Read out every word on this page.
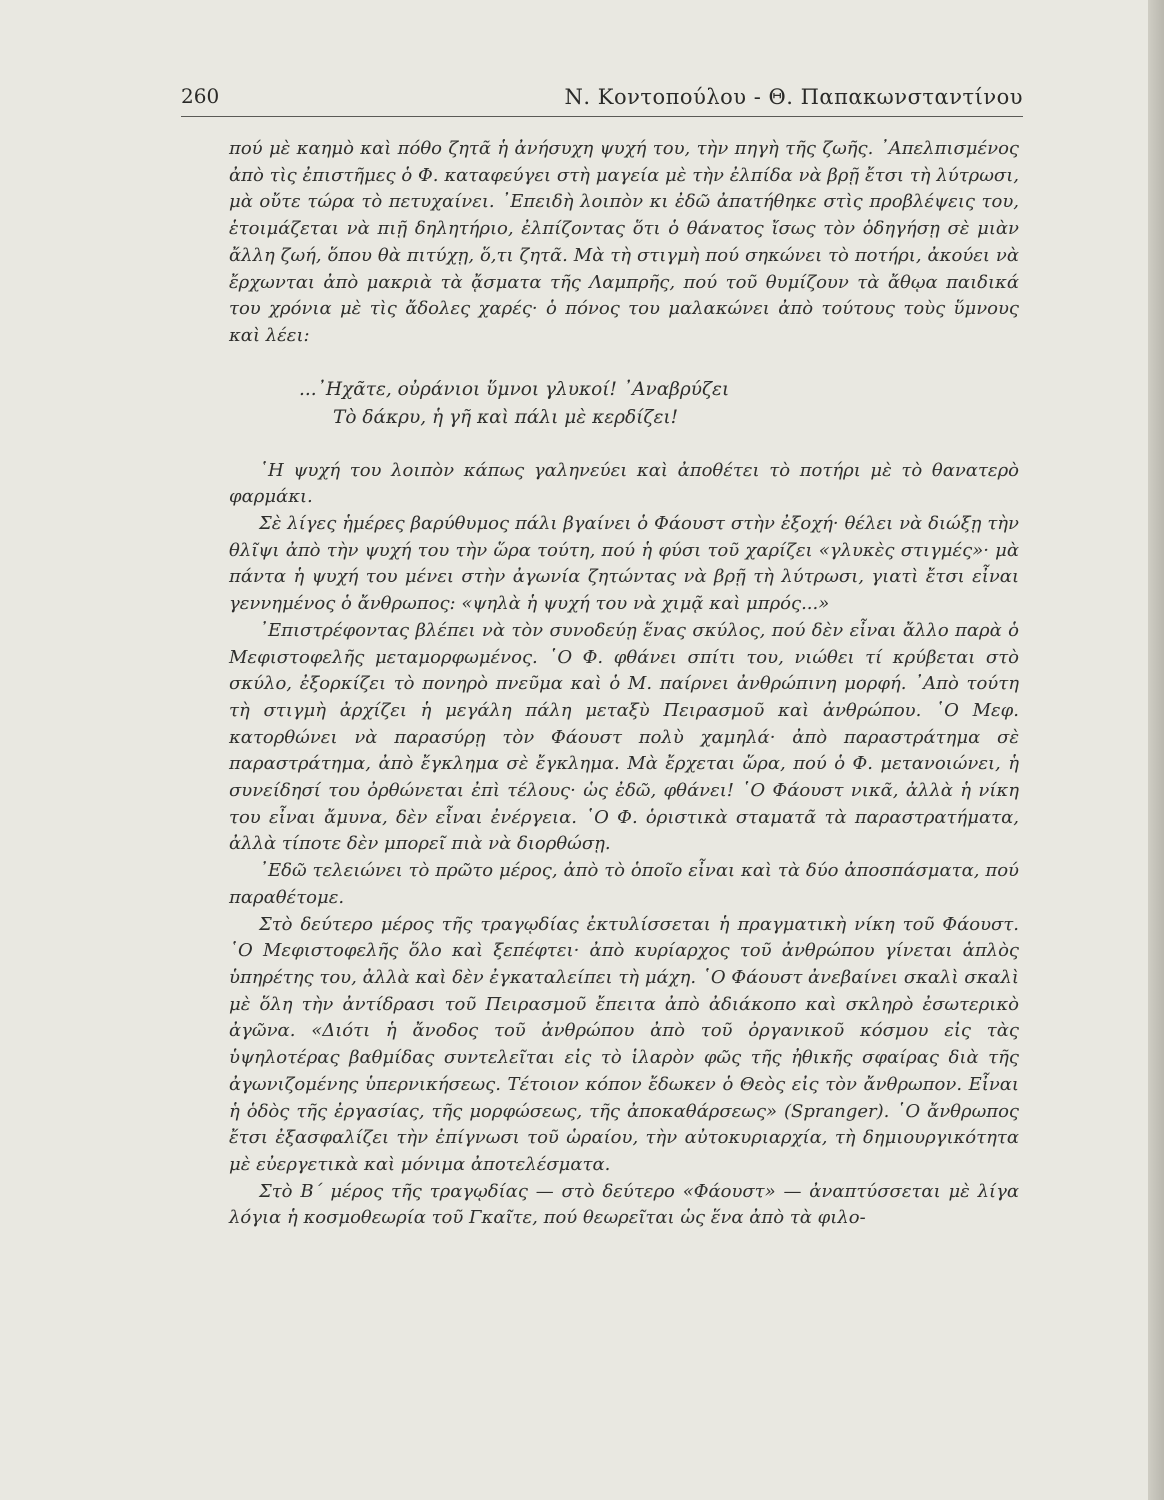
260	Ν. Κοντοπούλου - Θ. Παπακωνσταντίνου

πού μὲ καημὸ καὶ πόθο ζητᾶ ἡ ἀνήσυχη ψυχή του, τὴν πηγὴ τῆς ζωῆς. ᾿Απελπισμένος ἀπὸ τὶς ἐπιστῆμες ὁ Φ. καταφεύγει στὴ μαγεία μὲ τὴν ἐλπίδα νὰ βρῇ ἔτσι τὴ λύτρωσι, μὰ οὔτε τώρα τὸ πετυχαίνει. ᾿Επειδὴ λοιπὸν κι ἐδῶ ἀπατήθηκε στὶς προβλέψεις του, ἑτοιμάζεται νὰ πιῇ δηλητήριο, ἐλπίζοντας ὅτι ὁ θάνατος ἴσως τὸν ὁδηγήσῃ σὲ μιὰν ἄλλη ζωή, ὅπου θὰ πιτύχῃ, ὅ,τι ζητᾶ. Μὰ τὴ στιγμὴ πού σηκώνει τὸ ποτήρι, ἀκούει νὰ ἔρχωνται ἀπὸ μακριὰ τὰ ᾄσματα τῆς Λαμπρῆς, πού τοῦ θυμίζουν τὰ ἄθῳα παιδικά του χρόνια μὲ τὶς ἄδολες χαρές· ὁ πόνος του μαλακώνει ἀπὸ τούτους τοὺς ὕμνους καὶ λέει:

...᾿Ηχᾶτε, οὐράνιοι ὕμνοι γλυκοί! ᾿Αναβρύζει
Τὸ δάκρυ, ἡ γῆ καὶ πάλι μὲ κερδίζει!

῾Η ψυχή του λοιπὸν κάπως γαληνεύει καὶ ἀποθέτει τὸ ποτήρι μὲ τὸ θανατερὸ φαρμάκι.

Σὲ λίγες ἡμέρες βαρύθυμος πάλι βγαίνει ὁ Φάουστ στὴν ἐξοχή· θέλει νὰ διώξῃ τὴν θλῖψι ἀπὸ τὴν ψυχή του τὴν ὥρα τούτη, πού ἡ φύσι τοῦ χαρίζει «γλυκὲς στιγμές»· μὰ πάντα ἡ ψυχή του μένει στὴν ἀγωνία ζητώντας νὰ βρῇ τὴ λύτρωσι, γιατὶ ἔτσι εἶναι γεννημένος ὁ ἄνθρωπος: «ψηλὰ ἡ ψυχή του νὰ χιμᾷ καὶ μπρός...»

᾿Επιστρέφοντας βλέπει νὰ τὸν συνοδεύῃ ἕνας σκύλος, πού δὲν εἶναι ἄλλο παρὰ ὁ Μεφιστοφελῆς μεταμορφωμένος. ῾Ο Φ. φθάνει σπίτι του, νιώθει τί κρύβεται στὸ σκύλο, ἐξορκίζει τὸ πονηρὸ πνεῦμα καὶ ὁ Μ. παίρνει ἀνθρώπινη μορφή. ᾿Απὸ τούτη τὴ στιγμὴ ἀρχίζει ἡ μεγάλη πάλη μεταξὺ Πειρασμοῦ καὶ ἀνθρώπου. ῾Ο Μεφ. κατορθώνει νὰ παρασύρῃ τὸν Φάουστ πολὺ χαμηλά· ἀπὸ παραστράτημα σὲ παραστράτημα, ἀπὸ ἔγκλημα σὲ ἔγκλημα. Μὰ ἔρχεται ὥρα, πού ὁ Φ. μετανοιώνει, ἡ συνείδησί του ὀρθώνεται ἐπὶ τέλους· ὡς ἐδῶ, φθάνει! ῾Ο Φάουστ νικᾶ, ἀλλὰ ἡ νίκη του εἶναι ἄμυνα, δὲν εἶναι ἐνέργεια. ῾Ο Φ. ὁριστικὰ σταματᾶ τὰ παραστρατήματα, ἀλλὰ τίποτε δὲν μπορεῖ πιὰ νὰ διορθώσῃ.

᾿Εδῶ τελειώνει τὸ πρῶτο μέρος, ἀπὸ τὸ ὁποῖο εἶναι καὶ τὰ δύο ἀποσπάσματα, πού παραθέτομε.

Στὸ δεύτερο μέρος τῆς τραγῳδίας ἐκτυλίσσεται ἡ πραγματικὴ νίκη τοῦ Φάουστ. ῾Ο Μεφιστοφελῆς ὅλο καὶ ξεπέφτει· ἀπὸ κυρίαρχος τοῦ ἀνθρώπου γίνεται ἁπλὸς ὑπηρέτης του, ἀλλὰ καὶ δὲν ἐγκαταλείπει τὴ μάχη. ῾Ο Φάουστ ἀνεβαίνει σκαλὶ σκαλὶ μὲ ὅλη τὴν ἀντίδρασι τοῦ Πειρασμοῦ ἔπειτα ἀπὸ ἀδιάκοπο καὶ σκληρὸ ἐσωτερικὸ ἀγῶνα. «Διότι ἡ ἄνοδος τοῦ ἀνθρώπου ἀπὸ τοῦ ὀργανικοῦ κόσμου εἰς τὰς ὑψηλοτέρας βαθμίδας συντελεῖται εἰς τὸ ἱλαρὸν φῶς τῆς ἠθικῆς σφαίρας διὰ τῆς ἀγωνιζομένης ὑπερνικήσεως. Τέτοιον κόπον ἔδωκεν ὁ Θεὸς εἰς τὸν ἄνθρωπον. Εἶναι ἡ ὁδὸς τῆς ἐργασίας, τῆς μορφώσεως, τῆς ἀποκαθάρσεως» (Spranger). ῾Ο ἄνθρωπος ἔτσι ἐξασφαλίζει τὴν ἐπίγνωσι τοῦ ὡραίου, τὴν αὐτοκυριαρχία, τὴ δημιουργικότητα μὲ εὐεργετικὰ καὶ μόνιμα ἀποτελέσματα.

Στὸ Β΄ μέρος τῆς τραγῳδίας — στὸ δεύτερο «Φάουστ» — ἀναπτύσσεται μὲ λίγα λόγια ἡ κοσμοθεωρία τοῦ Γκαῖτε, πού θεωρεῖται ὡς ἕνα ἀπὸ τὰ φιλο-
